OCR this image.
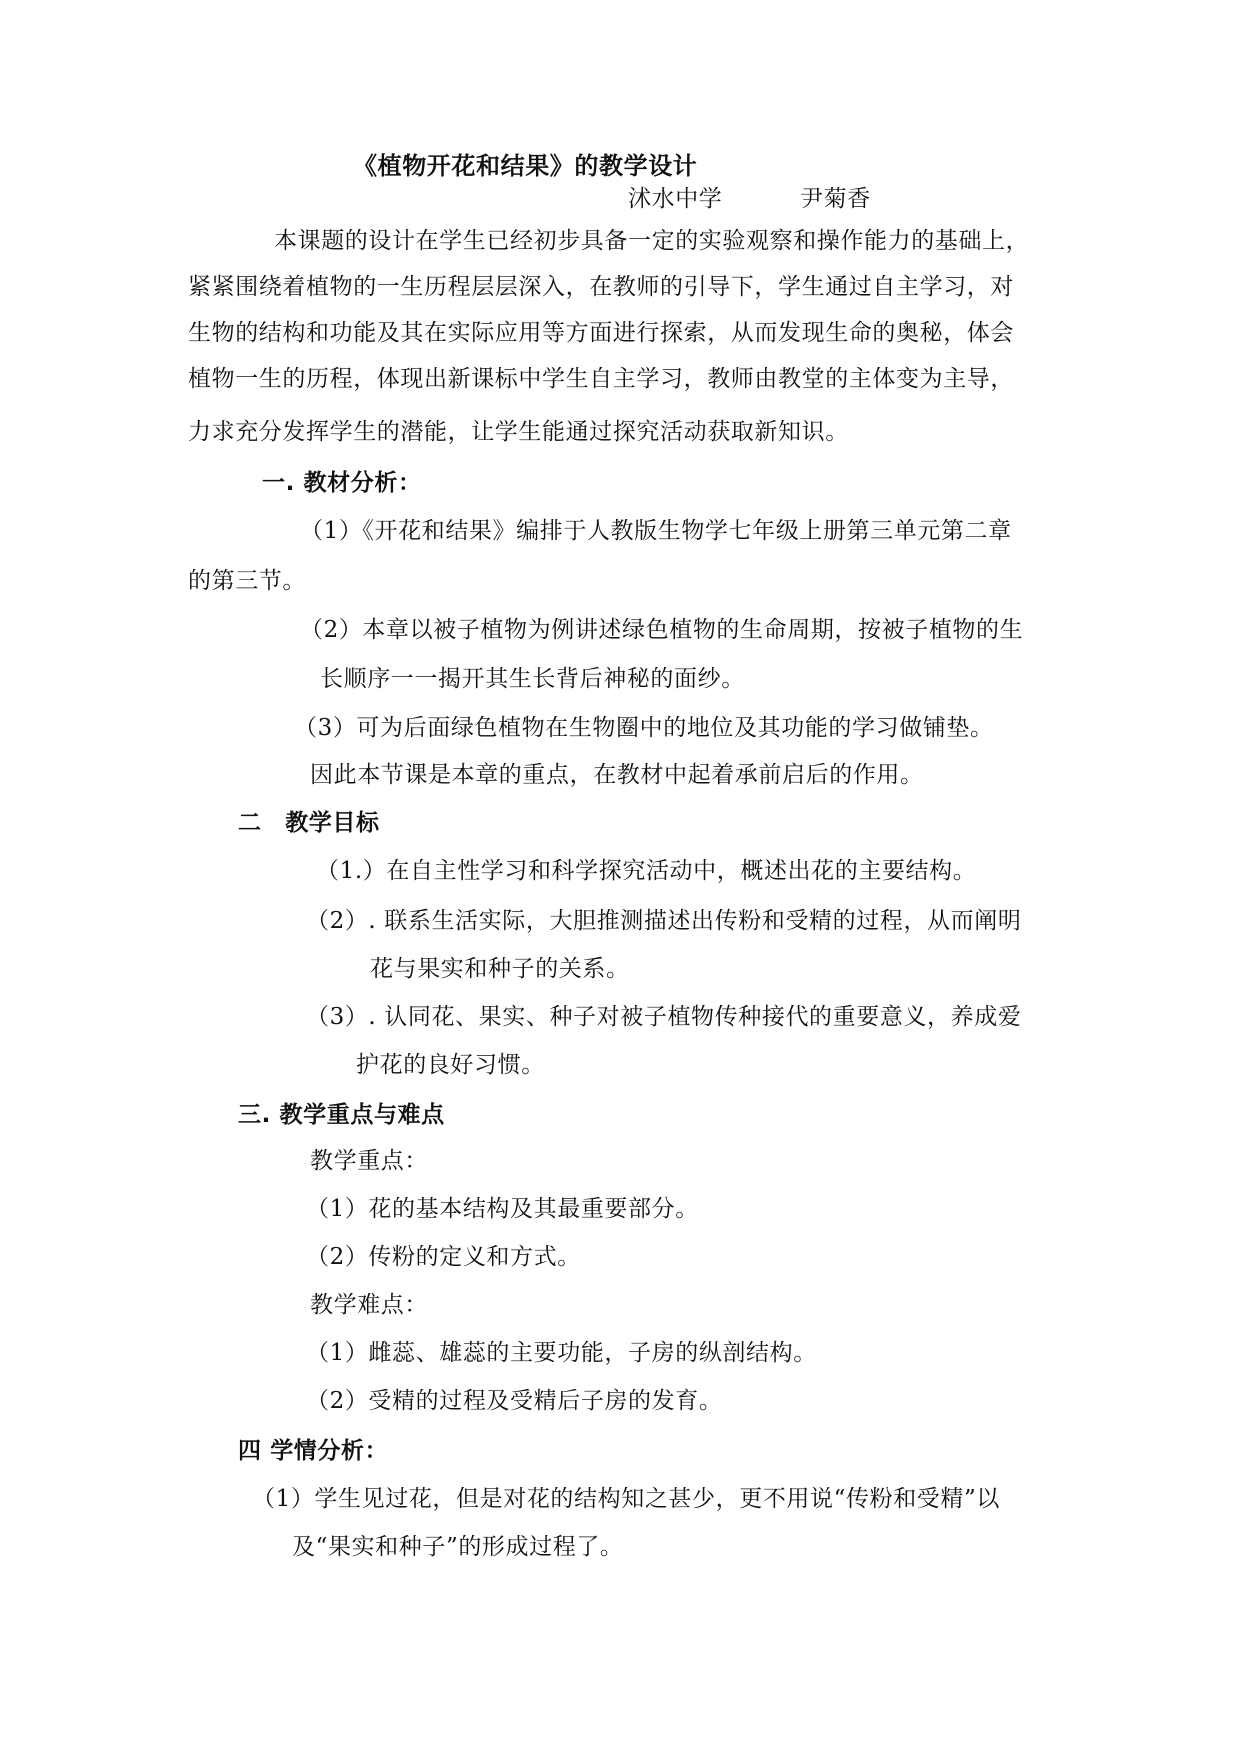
《植物开花和结果》的教学设计
沭水中学	尹菊香
本课题的设计在学生已经初步具备一定的实验观察和操作能力的基础上，
紧紧围绕着植物的一生历程层层深入，在教师的引导下，学生通过自主学习，对
生物的结构和功能及其在实际应用等方面进行探索，从而发现生命的奥秘，体会
植物一生的历程，体现出新课标中学生自主学习，教师由教堂的主体变为主导，
力求充分发挥学生的潜能，让学生能通过探究活动获取新知识。
一. 教材分析：
（1）《开花和结果》编排于人教版生物学七年级上册第三单元第二章
的第三节。
（2）本章以被子植物为例讲述绿色植物的生命周期，按被子植物的生
长顺序一一揭开其生长背后神秘的面纱。
（3）可为后面绿色植物在生物圈中的地位及其功能的学习做铺垫。
因此本节课是本章的重点，在教材中起着承前启后的作用。
二　教学目标
（1.）在自主性学习和科学探究活动中，概述出花的主要结构。
（2）. 联系生活实际，大胆推测描述出传粉和受精的过程，从而阐明
花与果实和种子的关系。
（3）. 认同花、果实、种子对被子植物传种接代的重要意义，养成爱
护花的良好习惯。
三. 教学重点与难点
教学重点：
（1）花的基本结构及其最重要部分。
（2）传粉的定义和方式。
教学难点：
（1）雌蕊、雄蕊的主要功能，子房的纵剖结构。
（2）受精的过程及受精后子房的发育。
四 学情分析：
（1）学生见过花，但是对花的结构知之甚少，更不用说“传粉和受精”以
及“果实和种子”的形成过程了。
